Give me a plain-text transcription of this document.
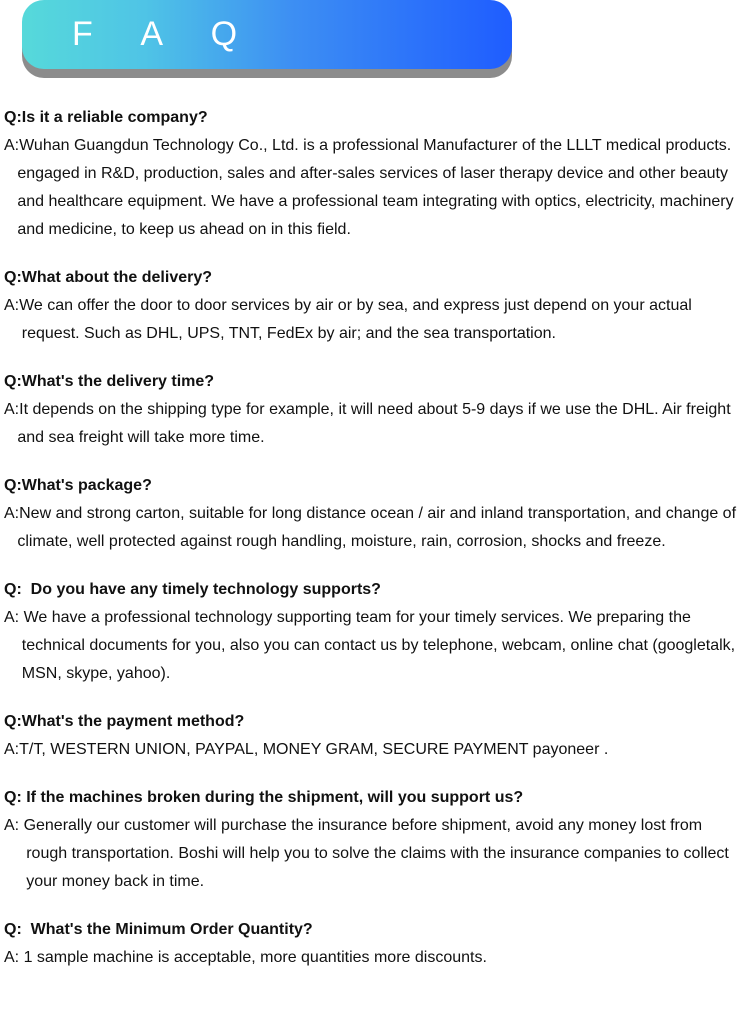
F A Q
Q:Is it a reliable company?
A:Wuhan Guangdun Technology Co., Ltd. is a professional Manufacturer of the LLLT medical products.
engaged in R&D, production, sales and after-sales services of laser therapy device and other beauty
and healthcare equipment. We have a professional team integrating with optics, electricity, machinery
and medicine, to keep us ahead on in this field.
Q:What about the delivery?
A:We can offer the door to door services by air or by sea, and express just depend on your actual
request. Such as DHL, UPS, TNT, FedEx by air; and the sea transportation.
Q:What's the delivery time?
A:It depends on the shipping type for example, it will need about 5-9 days if we use the DHL. Air freight
and sea freight will take more time.
Q:What's package?
A:New and strong carton, suitable for long distance ocean / air and inland transportation, and change of
climate, well protected against rough handling, moisture, rain, corrosion, shocks and freeze.
Q:  Do you have any timely technology supports?
A: We have a professional technology supporting team for your timely services. We preparing the
technical documents for you, also you can contact us by telephone, webcam, online chat (googletalk,
MSN, skype, yahoo).
Q:What's the payment method?
A:T/T, WESTERN UNION, PAYPAL, MONEY GRAM, SECURE PAYMENT payoneer .
Q: If the machines broken during the shipment, will you support us?
A: Generally our customer will purchase the insurance before shipment, avoid any money lost from
rough transportation. Boshi will help you to solve the claims with the insurance companies to collect
your money back in time.
Q:  What's the Minimum Order Quantity?
A: 1 sample machine is acceptable, more quantities more discounts.
